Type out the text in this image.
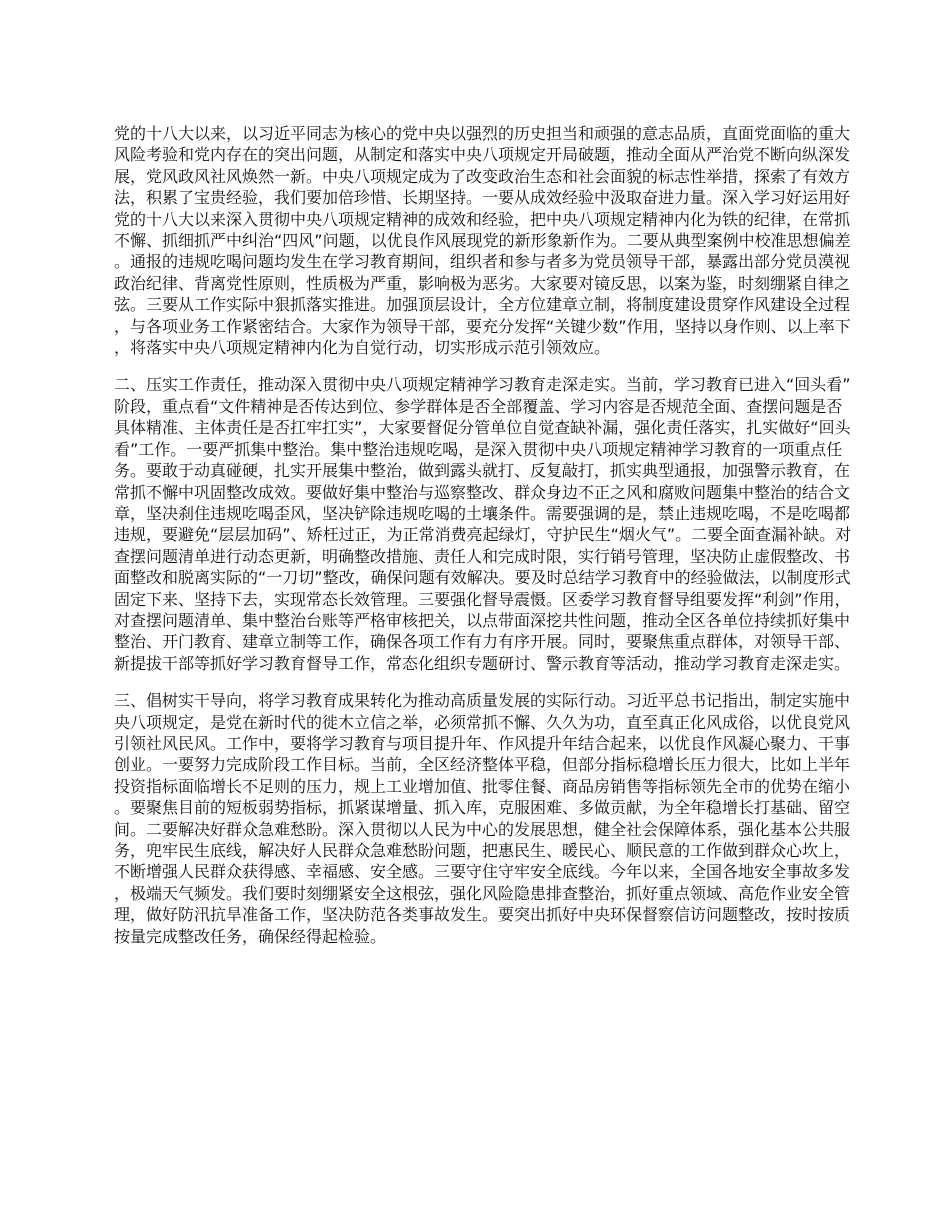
党的十八大以来，以习近平同志为核心的党中央以强烈的历史担当和顽强的意志品质，直面党面临的重大风险考验和党内存在的突出问题，从制定和落实中央八项规定开局破题，推动全面从严治党不断向纵深发展，党风政风社风焕然一新。中央八项规定成为了改变政治生态和社会面貌的标志性举措，探索了有效方法，积累了宝贵经验，我们要加倍珍惜、长期坚持。一要从成效经验中汲取奋进力量。深入学习好运用好党的十八大以来深入贯彻中央八项规定精神的成效和经验，把中央八项规定精神内化为铁的纪律，在常抓不懈、抓细抓严中纠治“四风”问题，以优良作风展现党的新形象新作为。二要从典型案例中校准思想偏差。通报的违规吃喝问题均发生在学习教育期间，组织者和参与者多为党员领导干部，暴露出部分党员漠视政治纪律、背离党性原则，性质极为严重，影响极为恶劣。大家要对镜反思，以案为鉴，时刻绷紧自律之弦。三要从工作实际中狠抓落实推进。加强顶层设计，全方位建章立制，将制度建设贯穿作风建设全过程，与各项业务工作紧密结合。大家作为领导干部，要充分发挥“关键少数”作用，坚持以身作则、以上率下，将落实中央八项规定精神内化为自觉行动，切实形成示范引领效应。

二、压实工作责任，推动深入贯彻中央八项规定精神学习教育走深走实。当前，学习教育已进入“回头看”阶段，重点看“文件精神是否传达到位、参学群体是否全部覆盖、学习内容是否规范全面、查摆问题是否具体精准、主体责任是否扛牢扛实”，大家要督促分管单位自觉查缺补漏，强化责任落实，扎实做好“回头看”工作。一要严抓集中整治。集中整治违规吃喝，是深入贯彻中央八项规定精神学习教育的一项重点任务。要敢于动真碰硬，扎实开展集中整治，做到露头就打、反复敲打，抓实典型通报，加强警示教育，在常抓不懈中巩固整改成效。要做好集中整治与巡察整改、群众身边不正之风和腐败问题集中整治的结合文章，坚决刹住违规吃喝歪风，坚决铲除违规吃喝的土壤条件。需要强调的是，禁止违规吃喝，不是吃喝都违规，要避免“层层加码”、矫枉过正，为正常消费亮起绿灯，守护民生“烟火气”。二要全面查漏补缺。对查摆问题清单进行动态更新，明确整改措施、责任人和完成时限，实行销号管理，坚决防止虚假整改、书面整改和脱离实际的“一刀切”整改，确保问题有效解决。要及时总结学习教育中的经验做法，以制度形式固定下来、坚持下去，实现常态长效管理。三要强化督导震慑。区委学习教育督导组要发挥“利剑”作用，对查摆问题清单、集中整治台账等严格审核把关，以点带面深挖共性问题，推动全区各单位持续抓好集中整治、开门教育、建章立制等工作，确保各项工作有力有序开展。同时，要聚焦重点群体，对领导干部、新提拔干部等抓好学习教育督导工作，常态化组织专题研讨、警示教育等活动，推动学习教育走深走实。

三、倡树实干导向，将学习教育成果转化为推动高质量发展的实际行动。习近平总书记指出，制定实施中央八项规定，是党在新时代的徙木立信之举，必须常抓不懈、久久为功，直至真正化风成俗，以优良党风引领社风民风。工作中，要将学习教育与项目提升年、作风提升年结合起来，以优良作风凝心聚力、干事创业。一要努力完成阶段工作目标。当前，全区经济整体平稳，但部分指标稳增长压力很大，比如上半年投资指标面临增长不足则的压力，规上工业增加值、批零住餐、商品房销售等指标领先全市的优势在缩小。要聚焦目前的短板弱势指标，抓紧谋增量、抓入库，克服困难、多做贡献，为全年稳增长打基础、留空间。二要解决好群众急难愁盼。深入贯彻以人民为中心的发展思想，健全社会保障体系，强化基本公共服务，兜牢民生底线，解决好人民群众急难愁盼问题，把惠民生、暖民心、顺民意的工作做到群众心坎上，不断增强人民群众获得感、幸福感、安全感。三要守住守牢安全底线。今年以来，全国各地安全事故多发，极端天气频发。我们要时刻绷紧安全这根弦，强化风险隐患排查整治，抓好重点领域、高危作业安全管理，做好防汛抗旱准备工作，坚决防范各类事故发生。要突出抓好中央环保督察信访问题整改，按时按质按量完成整改任务，确保经得起检验。
